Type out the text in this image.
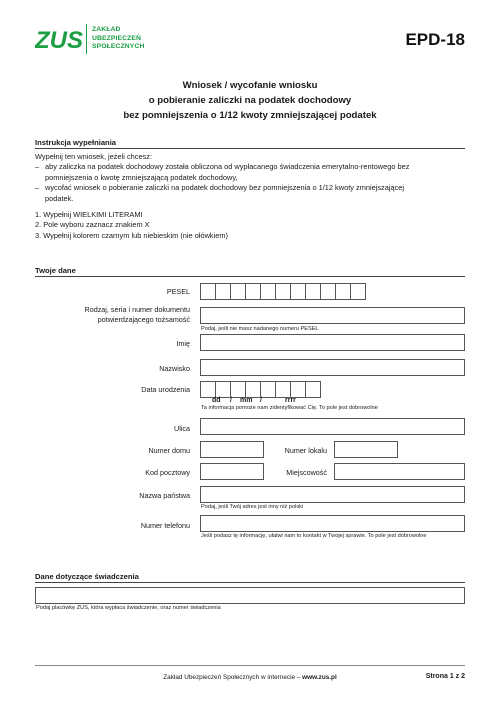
ZUS ZAKŁAD
UBEZPIECZEŃ
SPOŁECZNYCH	EPD-18
Wniosek / wycofanie wniosku
o pobieranie zaliczki na podatek dochodowy
bez pomniejszenia o 1/12 kwoty zmniejszającej podatek
Instrukcja wypełniania
Wypełnij ten wniosek, jeżeli chcesz:
– aby zaliczka na podatek dochodowy została obliczona od wypłacanego świadczenia emerytalno-rentowego bez
pomniejszenia o kwotę zmniejszającą podatek dochodowy,
– wycofać wniosek o pobieranie zaliczki na podatek dochodowy bez pomniejszenia o 1/12 kwoty zmniejszającej
podatek.
1. Wypełnij WIELKIMI LITERAMI
2. Pole wyboru zaznacz znakiem X
3. Wypełnij kolorem czarnym lub niebieskim (nie ołówkiem)
Twoje dane
PESEL
Rodzaj, seria i numer dokumentu
potwierdzającego tożsamość
Podaj, jeśli nie masz nadanego numeru PESEL
Imię
Nazwisko
Data urodzenia
dd / mm /	rrrr
Ta informacja pomoże nam zidentyfikować Cię. To pole jest dobrowolne
Ulica
Numer domu	Numer lokalu
Kod pocztowy	Miejscowość
Nazwa państwa
Podaj, jeśli Twój adres jest inny niż polski
Numer telefonu
Jeśli podasz tę informację, ułatwi nam to kontakt w Twojej sprawie. To pole jest dobrowolne
Dane dotyczące świadczenia
Podaj placówkę ZUS, która wypłaca świadczenie, oraz numer świadczenia
Zakład Ubezpieczeń Społecznych w internecie – www.zus.pl	Strona 1 z 2
